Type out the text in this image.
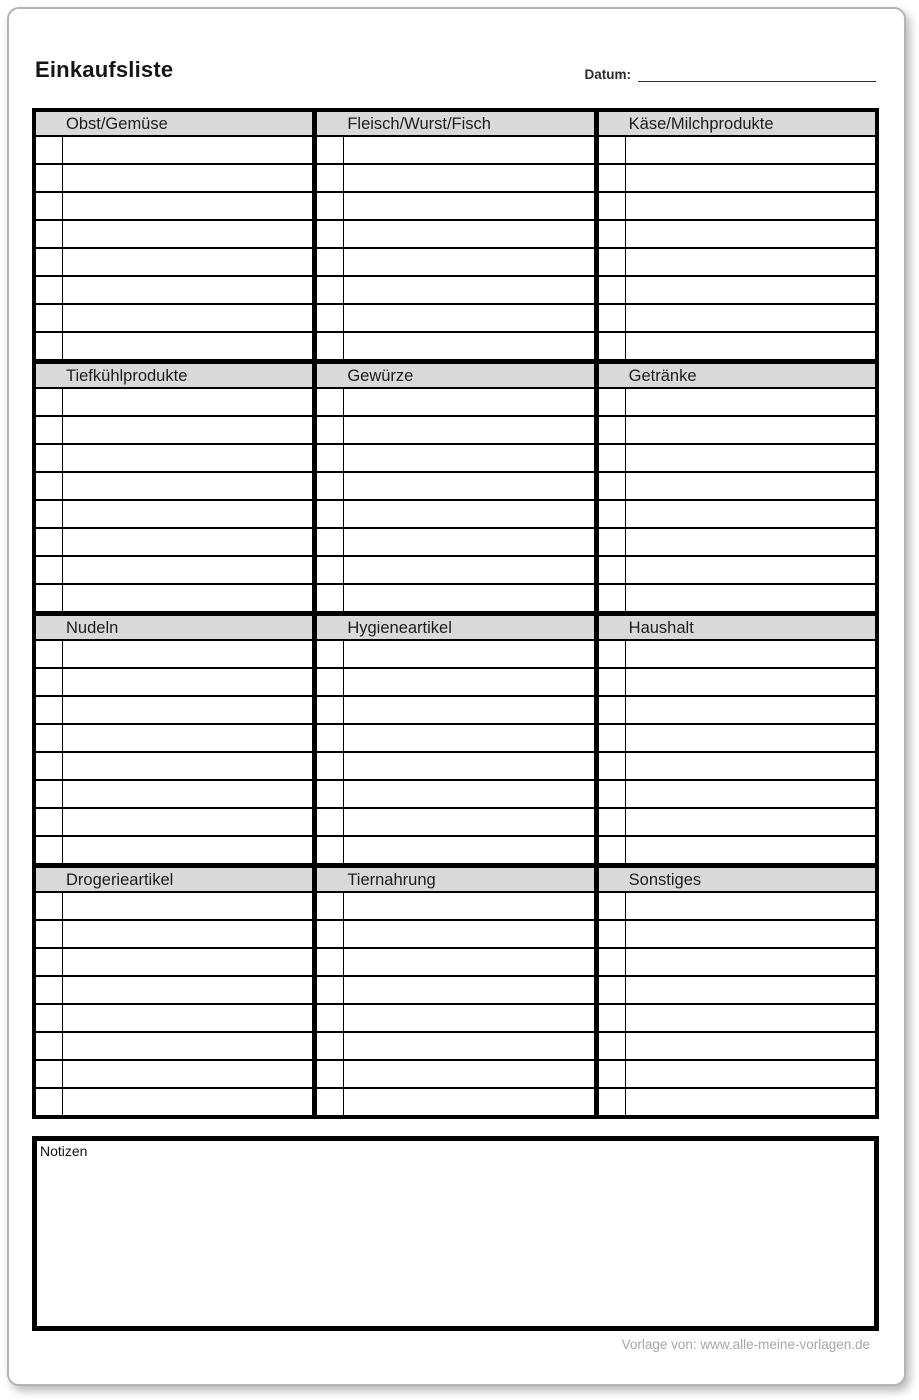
Einkaufsliste	Datum:
Obst/Gemüse	Fleisch/Wurst/Fisch	Käse/Milchprodukte
Tiefkühlprodukte	Gewürze	Getränke
Nudeln	Hygieneartikel	Haushalt
Drogerieartikel	Tiernahrung	Sonstiges
Notizen
Vorlage von: www.alle-meine-vorlagen.de
